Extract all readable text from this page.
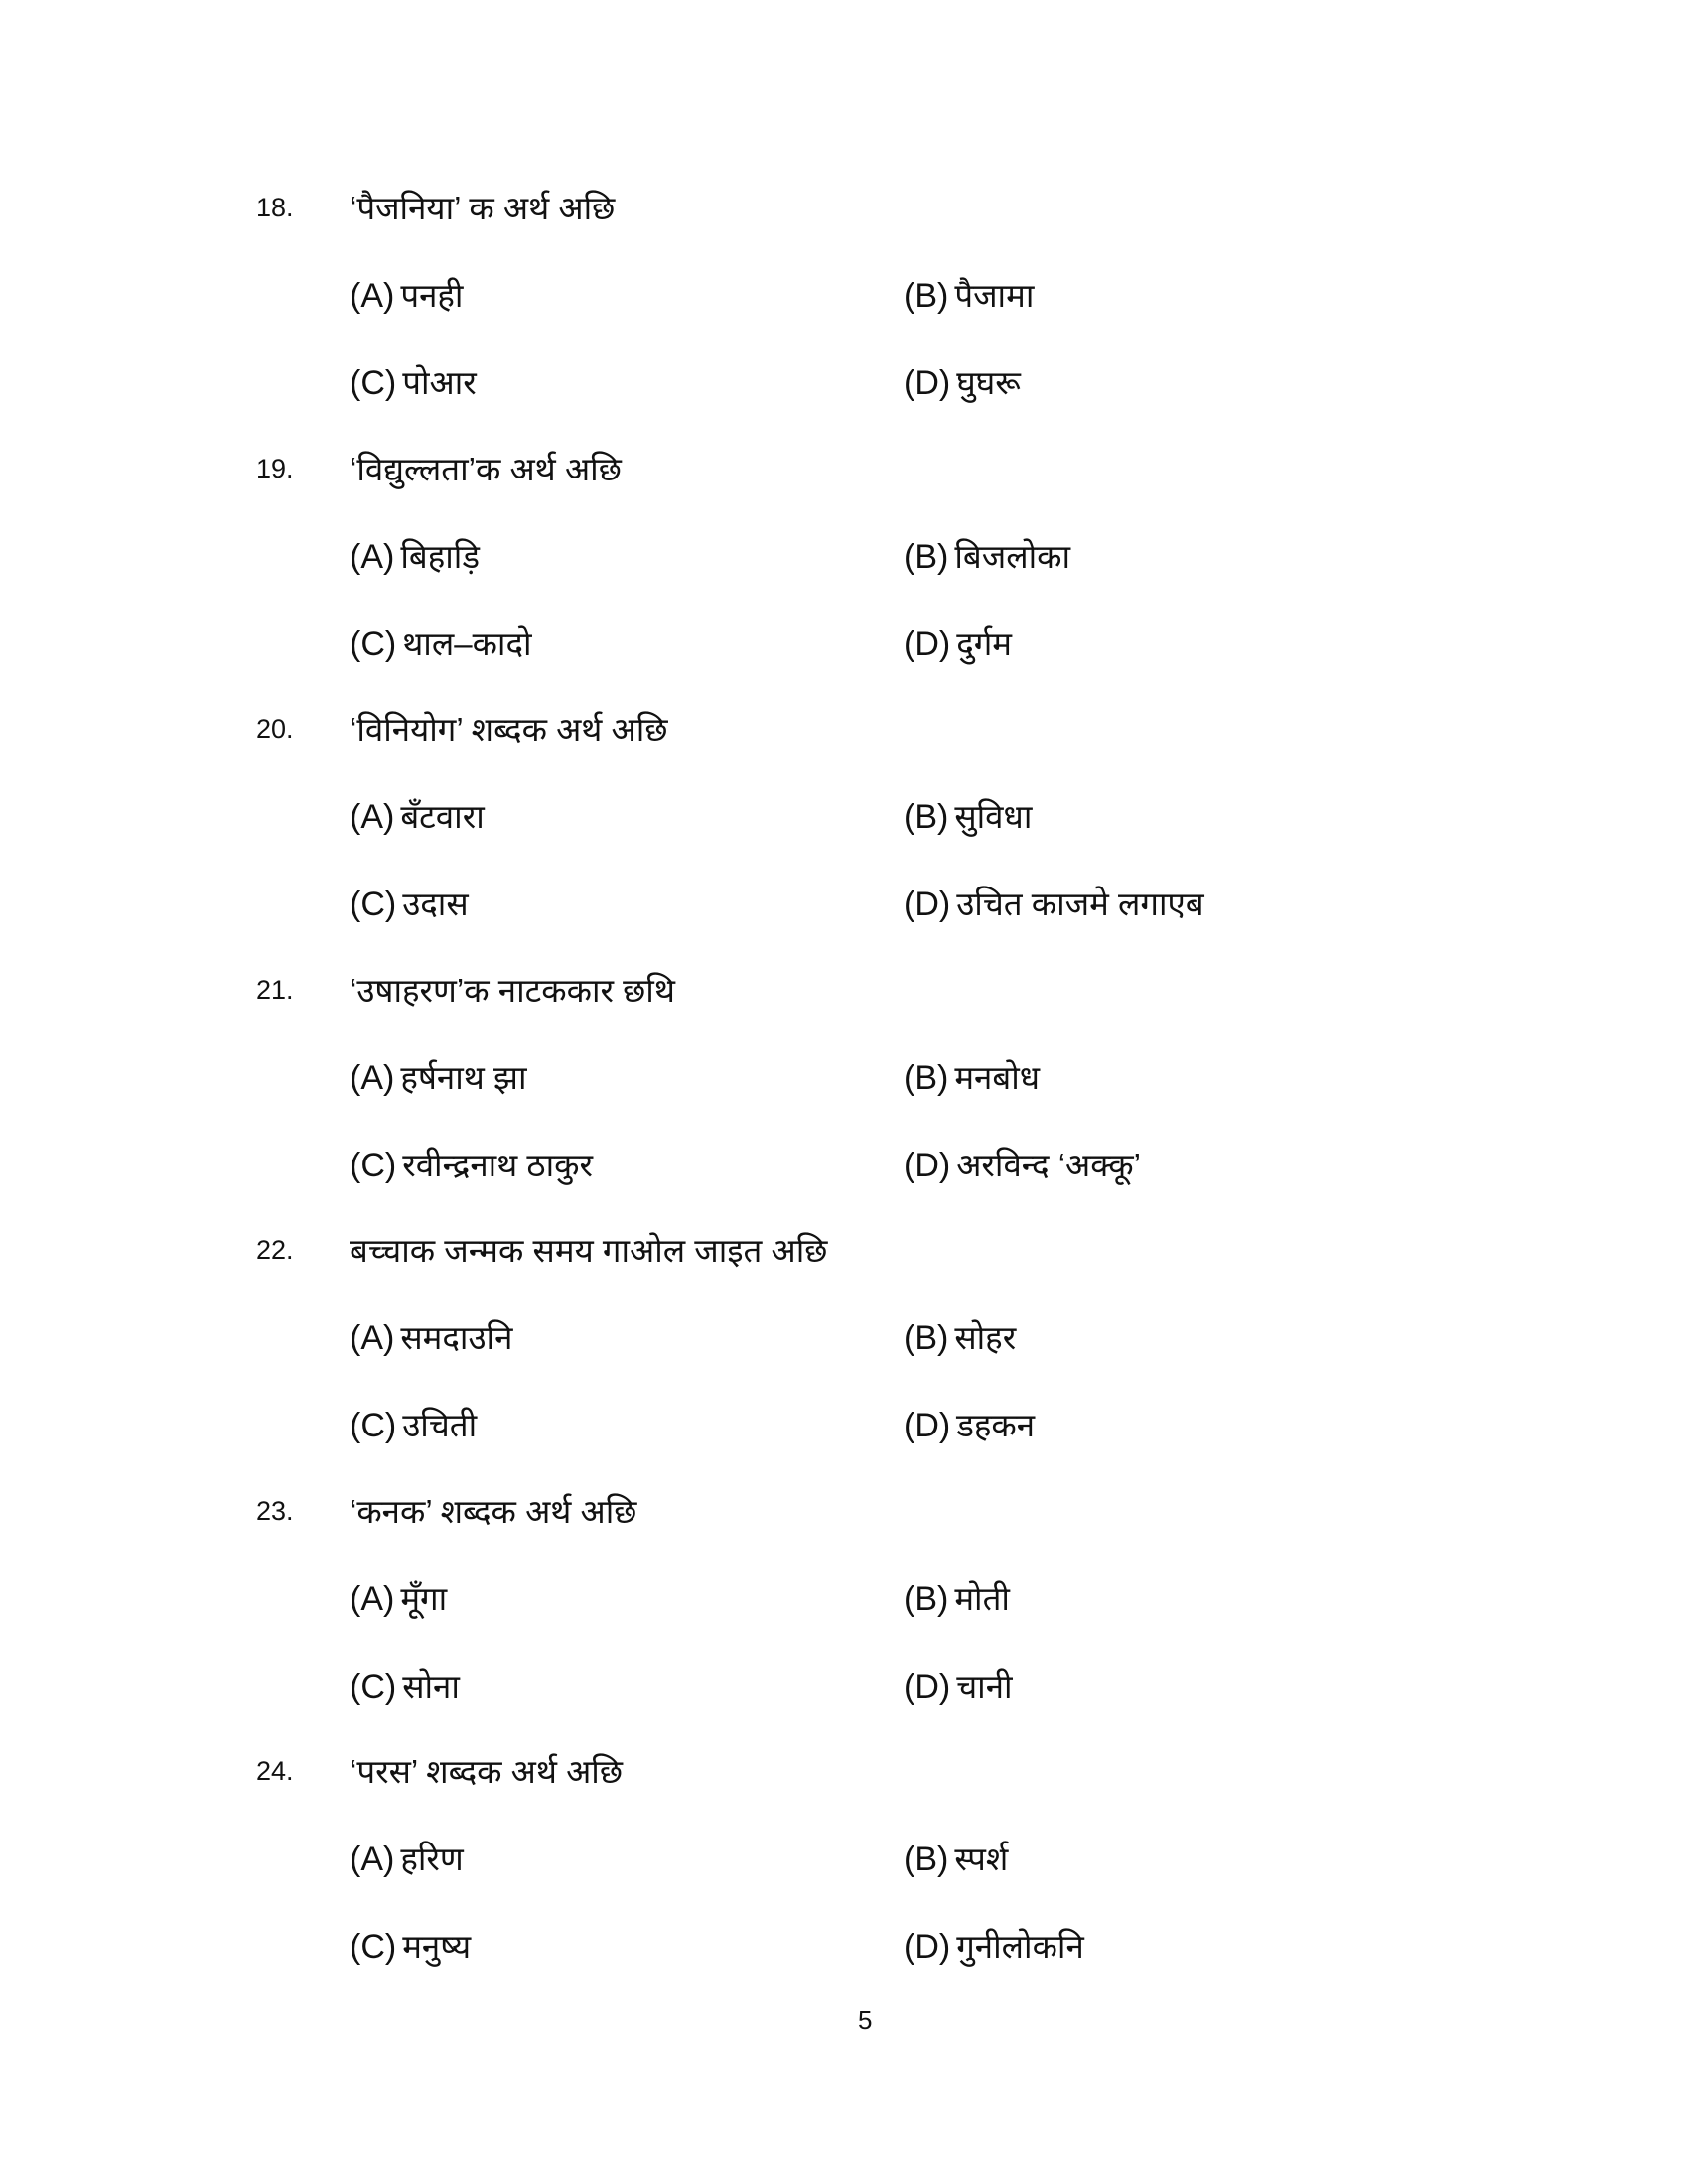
18. ‘पैजनिया’ क अर्थ अछि
(A) पनही	(B) पैजामा
(C) पोआर	(D) घुघरू
19. ‘विद्युल्लता’क अर्थ अछि
(A) बिहाड़ि	(B) बिजलोका
(C) थाल–कादो	(D) दुर्गम
20. ‘विनियोग’ शब्दक अर्थ अछि
(A) बँटवारा	(B) सुविधा
(C) उदास	(D) उचित काजमे लगाएब
21. ‘उषाहरण’क नाटककार छथि
(A) हर्षनाथ झा	(B) मनबोध
(C) रवीन्द्रनाथ ठाकुर	(D) अरविन्द ‘अक्कू’
22. बच्चाक जन्मक समय गाओल जाइत अछि
(A) समदाउनि	(B) सोहर
(C) उचिती	(D) डहकन
23. ‘कनक’ शब्दक अर्थ अछि
(A) मूँगा	(B) मोती
(C) सोना	(D) चानी
24. ‘परस’ शब्दक अर्थ अछि
(A) हरिण	(B) स्पर्श
(C) मनुष्य	(D) गुनीलोकनि
5
